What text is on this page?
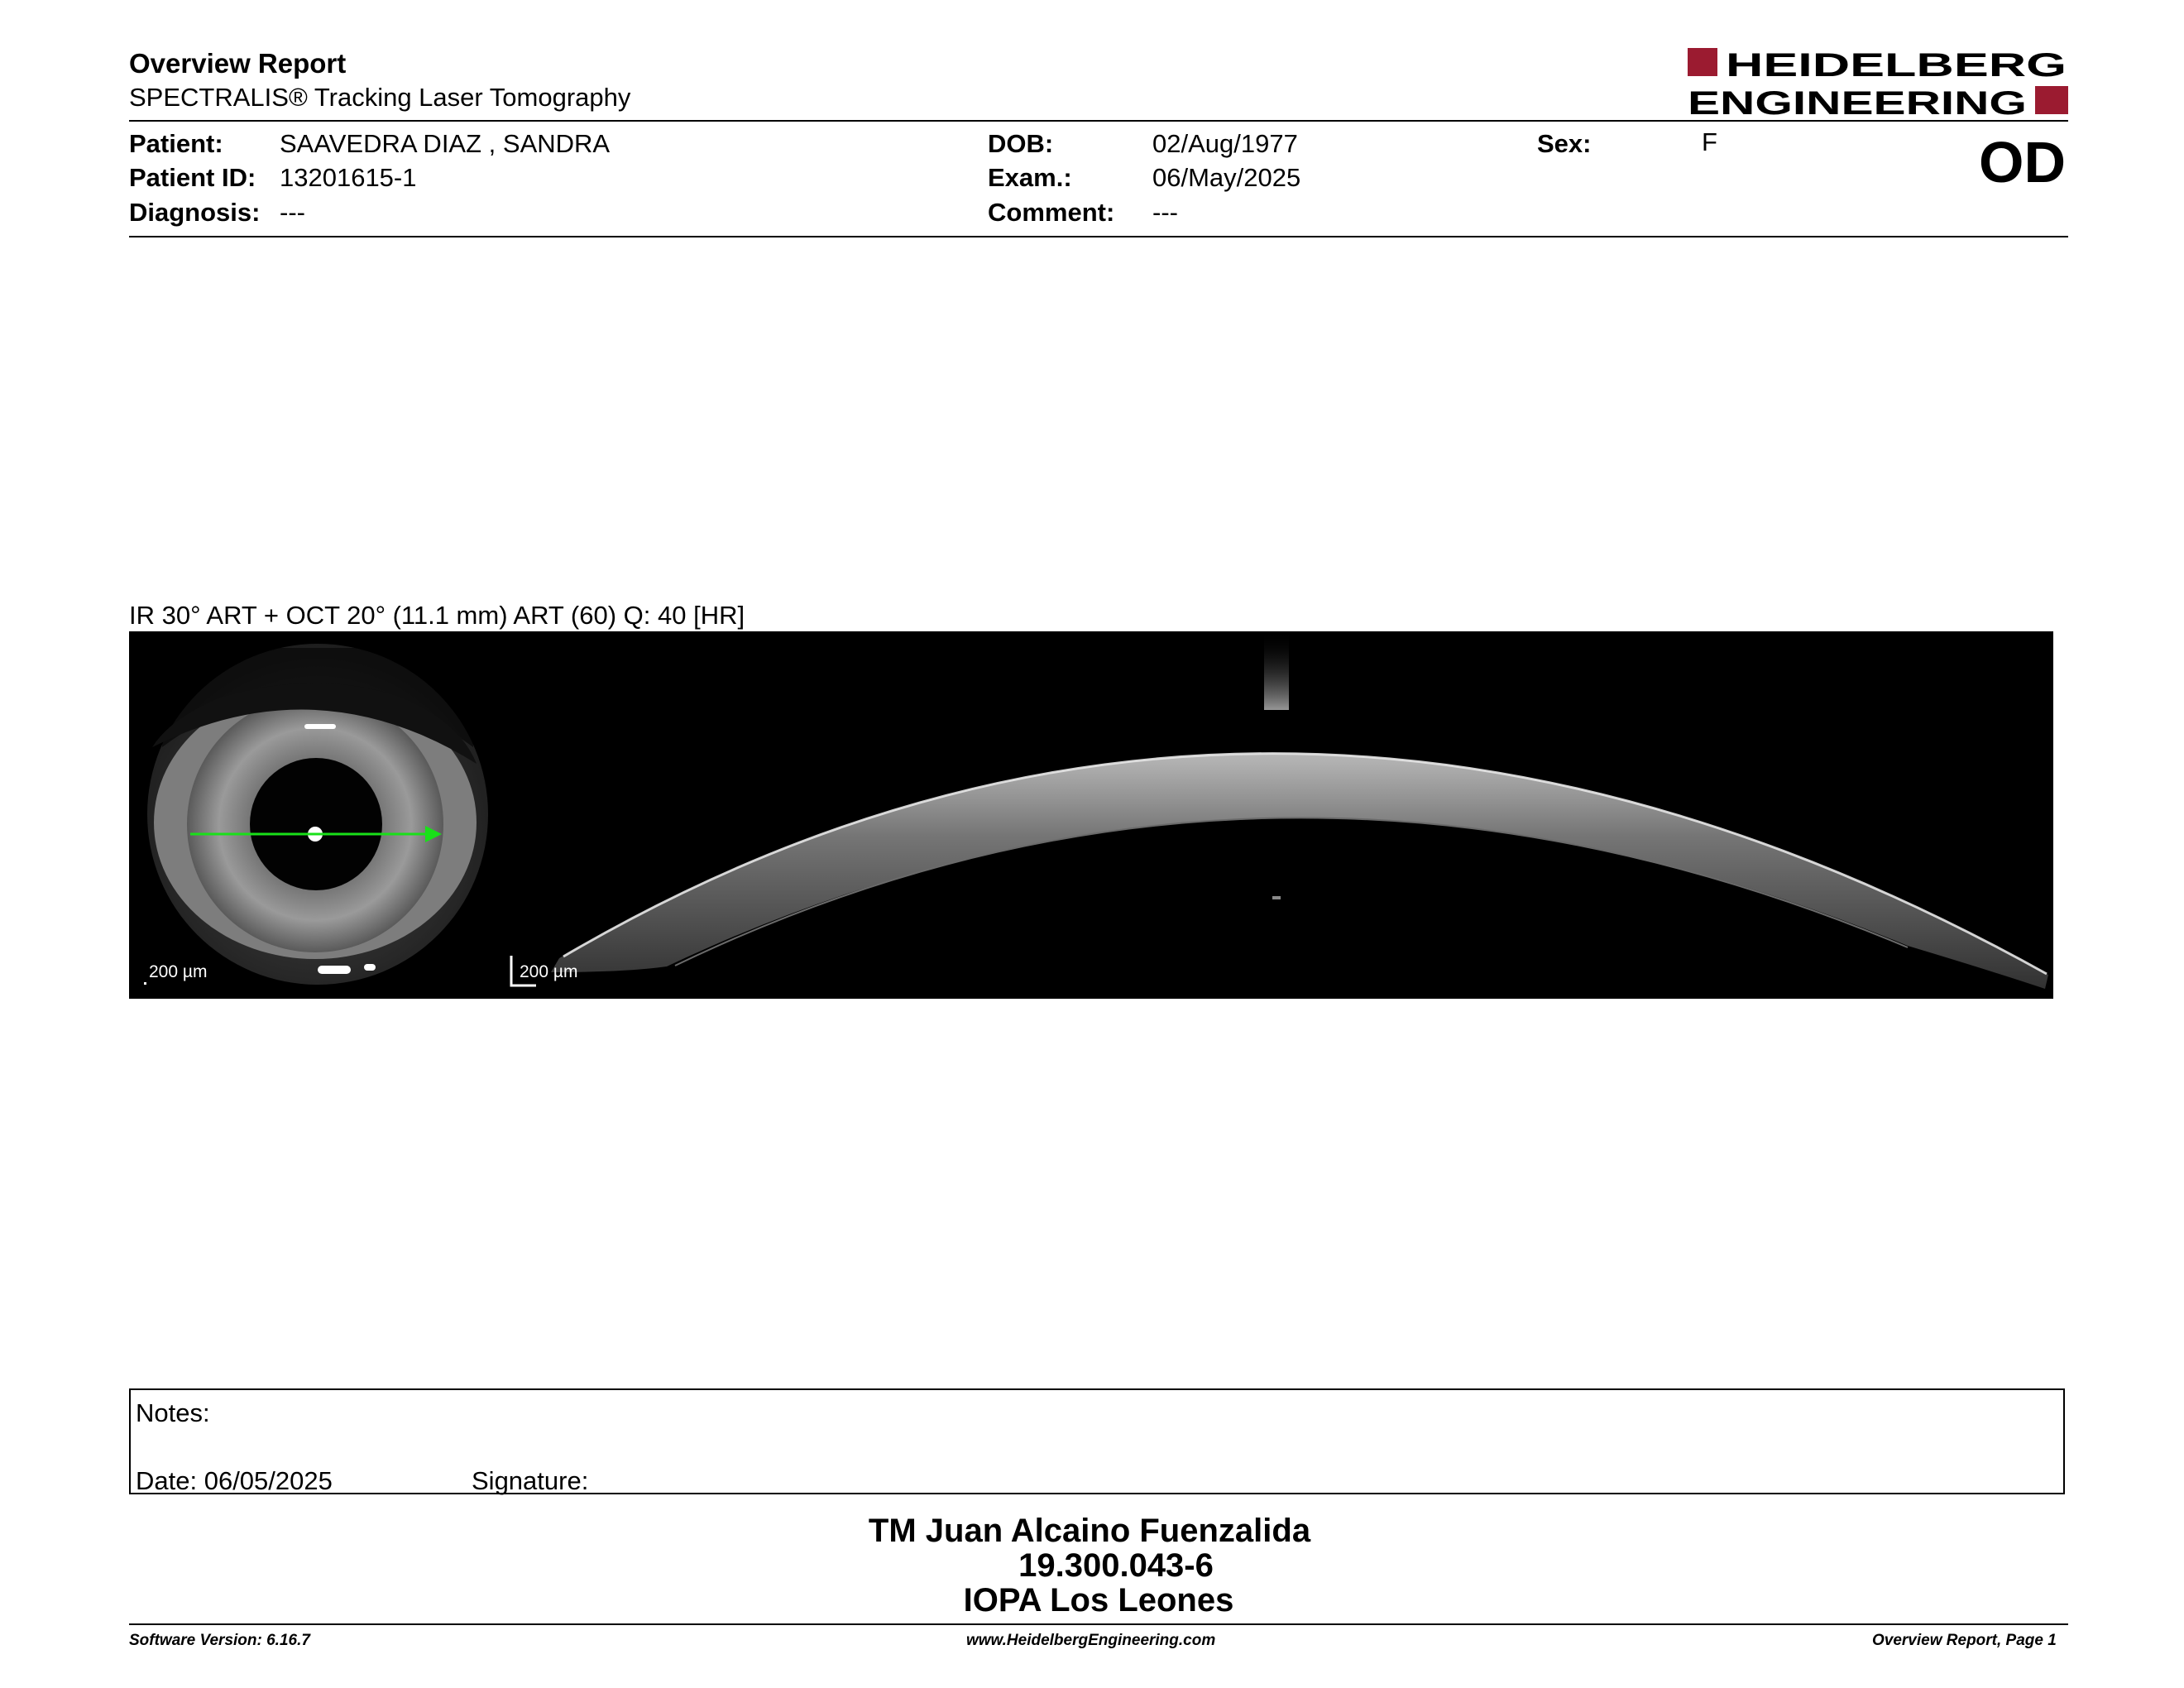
Overview Report
SPECTRALIS® Tracking Laser Tomography
HEIDELBERG
ENGINEERING
Patient: SAAVEDRA DIAZ , SANDRA
Patient ID: 13201615-1
Diagnosis: ---
DOB:	02/Aug/1977
Exam.:	06/May/2025
Comment: ---
Sex:	F	OD
IR 30° ART + OCT 20° (11.1 mm) ART (60) Q: 40 [HR]
200 µm	200 µm
Notes:
Date: 06/05/2025	Signature:
TM Juan Alcaino Fuenzalida
19.300.043-6
IOPA Los Leones
Software Version: 6.16.7	www.HeidelbergEngineering.com	Overview Report, Page 1
